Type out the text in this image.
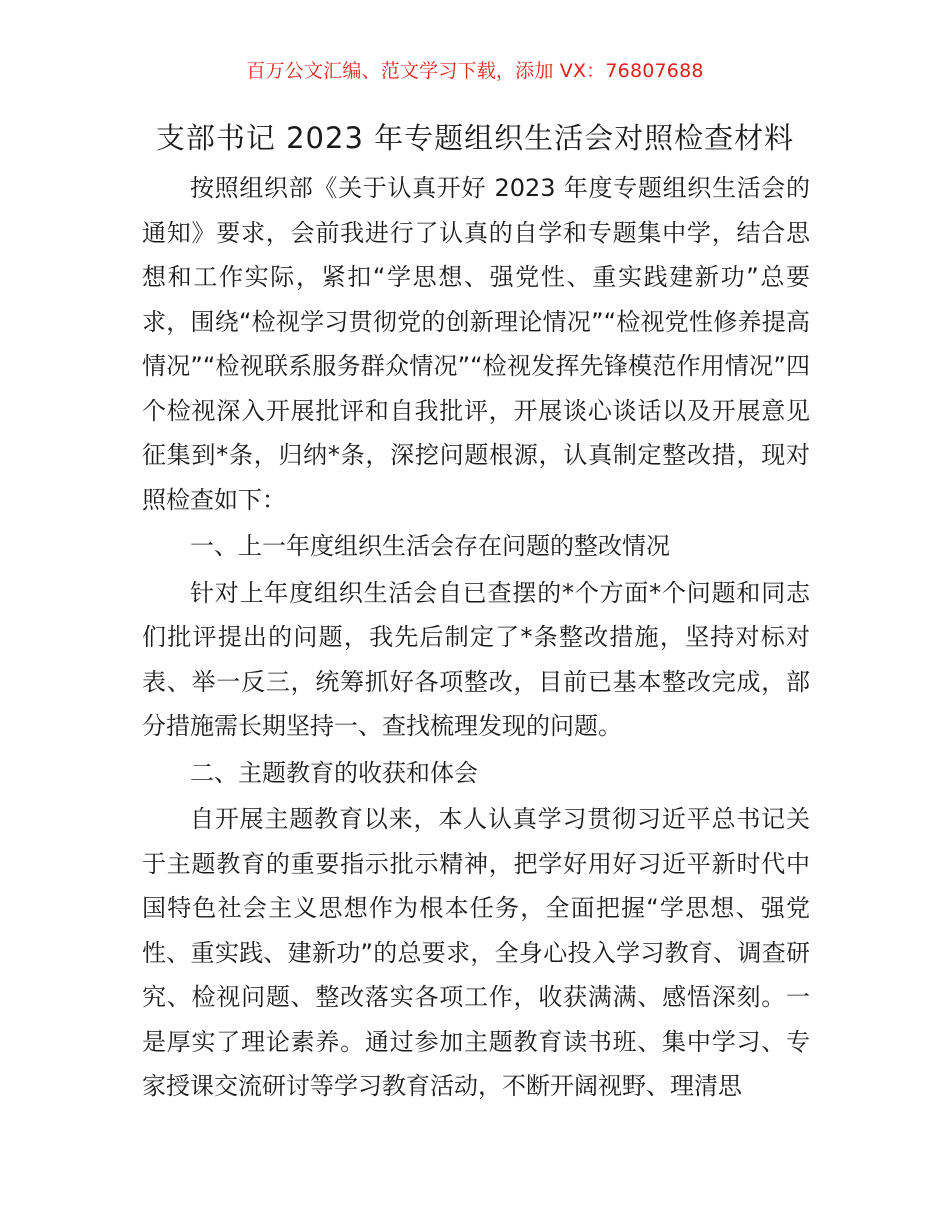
百万公文汇编、范文学习下载，添加 VX：76807688
支部书记 2023 年专题组织生活会对照检查材料

按照组织部《关于认真开好 2023 年度专题组织生活会的通知》要求，会前我进行了认真的自学和专题集中学，结合思想和工作实际，紧扣“学思想、强党性、重实践建新功”总要求，围绕“检视学习贯彻党的创新理论情况”“检视党性修养提高情况”“检视联系服务群众情况”“检视发挥先锋模范作用情况”四个检视深入开展批评和自我批评，开展谈心谈话以及开展意见征集到*条，归纳*条，深挖问题根源，认真制定整改措，现对照检查如下：

一、上一年度组织生活会存在问题的整改情况

针对上年度组织生活会自已查摆的*个方面*个问题和同志们批评提出的问题，我先后制定了*条整改措施，坚持对标对表、举一反三，统筹抓好各项整改，目前已基本整改完成，部分措施需长期坚持一、查找梳理发现的问题。

二、主题教育的收获和体会

自开展主题教育以来，本人认真学习贯彻习近平总书记关于主题教育的重要指示批示精神，把学好用好习近平新时代中国特色社会主义思想作为根本任务，全面把握“学思想、强党性、重实践、建新功”的总要求，全身心投入学习教育、调查研究、检视问题、整改落实各项工作，收获满满、感悟深刻。一是厚实了理论素养。通过参加主题教育读书班、集中学习、专家授课交流研讨等学习教育活动，不断开阔视野、理清思
